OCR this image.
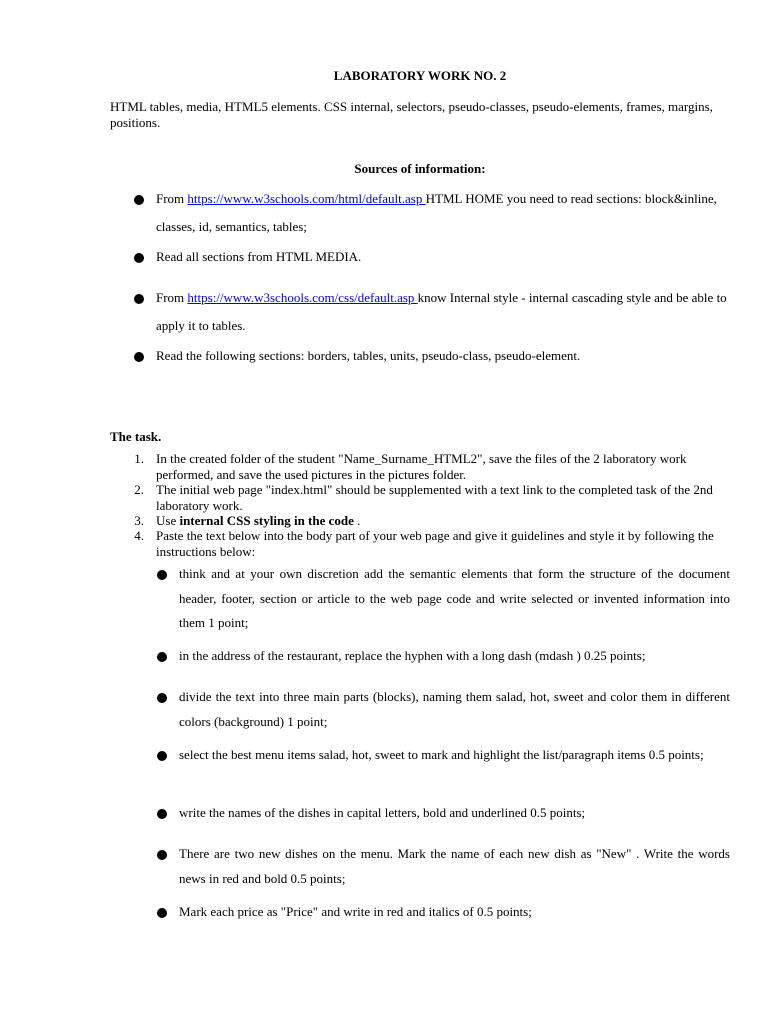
LABORATORY WORK NO. 2
HTML tables, media, HTML5 elements. CSS internal, selectors, pseudo-classes, pseudo-elements, frames, margins, positions.
Sources of information:
From https://www.w3schools.com/html/default.asp HTML HOME you need to read sections: block&inline, classes, id, semantics, tables;
Read all sections from HTML MEDIA.
From https://www.w3schools.com/css/default.asp know Internal style - internal cascading style and be able to apply it to tables.
Read the following sections: borders, tables, units, pseudo-class, pseudo-element.
The task.
1. In the created folder of the student "Name_Surname_HTML2", save the files of the 2 laboratory work performed, and save the used pictures in the pictures folder.
2. The initial web page "index.html" should be supplemented with a text link to the completed task of the 2nd laboratory work.
3. Use internal CSS styling in the code .
4. Paste the text below into the body part of your web page and give it guidelines and style it by following the instructions below:
think and at your own discretion add the semantic elements that form the structure of the document header, footer, section or article to the web page code and write selected or invented information into them 1 point;
in the address of the restaurant, replace the hyphen with a long dash (mdash ) 0.25 points;
divide the text into three main parts (blocks), naming them salad, hot, sweet and color them in different colors (background) 1 point;
select the best menu items salad, hot, sweet to mark and highlight the list/paragraph items 0.5 points;
write the names of the dishes in capital letters, bold and underlined 0.5 points;
There are two new dishes on the menu. Mark the name of each new dish as "New" . Write the words news in red and bold 0.5 points;
Mark each price as "Price" and write in red and italics of 0.5 points;
